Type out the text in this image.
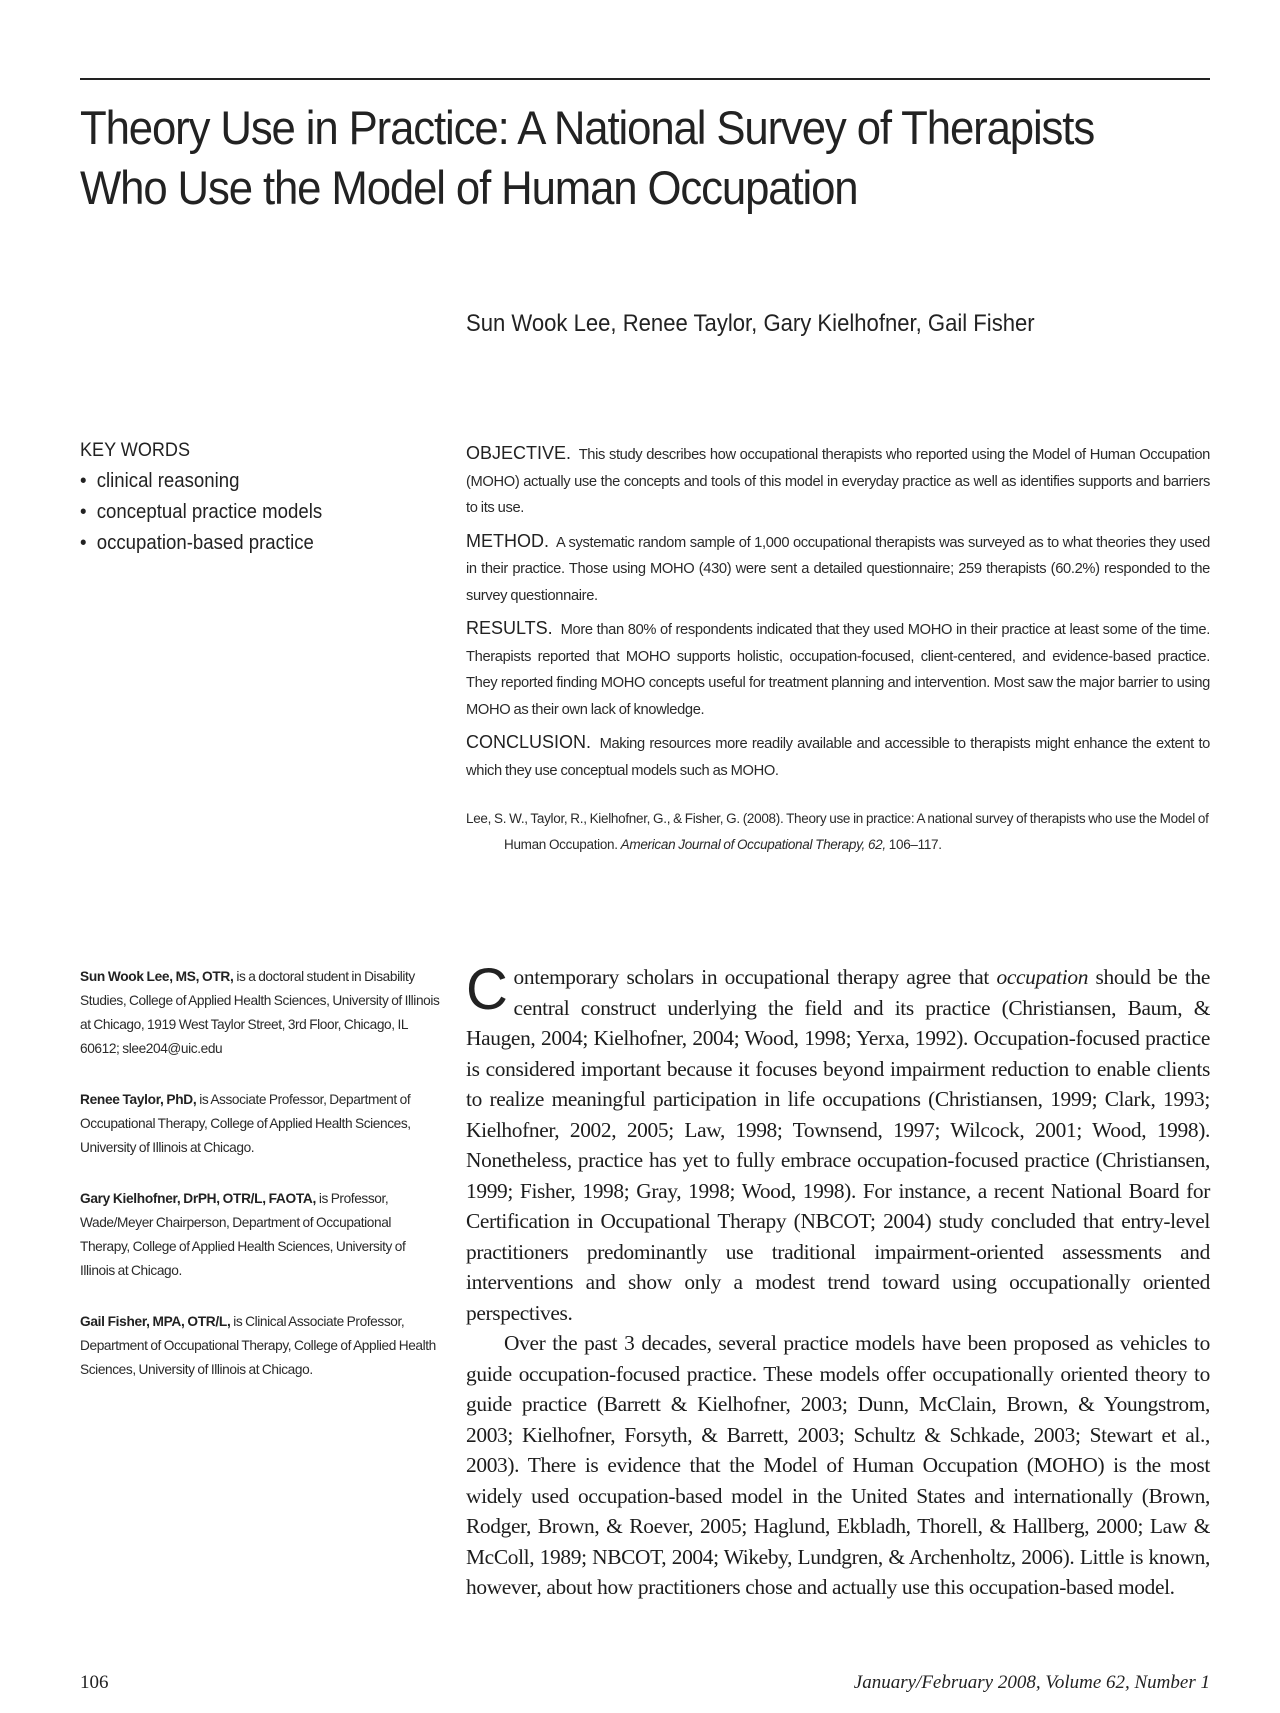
Theory Use in Practice: A National Survey of Therapists
Who Use the Model of Human Occupation
Sun Wook Lee, Renee Taylor, Gary Kielhofner, Gail Fisher
KEY WORDS
• clinical reasoning
• conceptual practice models
• occupation-based practice

OBJECTIVE. This study describes how occupational therapists who reported using the Model of Human Occupation (MOHO) actually use the concepts and tools of this model in everyday practice as well as identifies supports and barriers to its use.

METHOD. A systematic random sample of 1,000 occupational therapists was surveyed as to what theories they used in their practice. Those using MOHO (430) were sent a detailed questionnaire; 259 therapists (60.2%) responded to the survey questionnaire.

RESULTS. More than 80% of respondents indicated that they used MOHO in their practice at least some of the time. Therapists reported that MOHO supports holistic, occupation-focused, client-centered, and evidence-based practice. They reported finding MOHO concepts useful for treatment planning and intervention. Most saw the major barrier to using MOHO as their own lack of knowledge.

CONCLUSION. Making resources more readily available and accessible to therapists might enhance the extent to which they use conceptual models such as MOHO.

Lee, S. W., Taylor, R., Kielhofner, G., & Fisher, G. (2008). Theory use in practice: A national survey of therapists who use the Model of Human Occupation. American Journal of Occupational Therapy, 62, 106–117.

Sun Wook Lee, MS, OTR, is a doctoral student in Disability Studies, College of Applied Health Sciences, University of Illinois at Chicago, 1919 West Taylor Street, 3rd Floor, Chicago, IL 60612; slee204@uic.edu

Renee Taylor, PhD, is Associate Professor, Department of Occupational Therapy, College of Applied Health Sciences, University of Illinois at Chicago.

Gary Kielhofner, DrPH, OTR/L, FAOTA, is Professor, Wade/Meyer Chairperson, Department of Occupational Therapy, College of Applied Health Sciences, University of Illinois at Chicago.

Gail Fisher, MPA, OTR/L, is Clinical Associate Professor, Department of Occupational Therapy, College of Applied Health Sciences, University of Illinois at Chicago.

Contemporary scholars in occupational therapy agree that occupation should be the central construct underlying the field and its practice (Christiansen, Baum, & Haugen, 2004; Kielhofner, 2004; Wood, 1998; Yerxa, 1992). Occupation-focused practice is considered important because it focuses beyond impairment reduction to enable clients to realize meaningful participation in life occupations (Christiansen, 1999; Clark, 1993; Kielhofner, 2002, 2005; Law, 1998; Townsend, 1997; Wilcock, 2001; Wood, 1998). Nonetheless, practice has yet to fully embrace occupation-focused practice (Christiansen, 1999; Fisher, 1998; Gray, 1998; Wood, 1998). For instance, a recent National Board for Certification in Occupational Therapy (NBCOT; 2004) study concluded that entry-level practitioners predominantly use traditional impairment-oriented assessments and interventions and show only a modest trend toward using occupationally oriented perspectives.

Over the past 3 decades, several practice models have been proposed as vehicles to guide occupation-focused practice. These models offer occupationally oriented theory to guide practice (Barrett & Kielhofner, 2003; Dunn, McClain, Brown, & Youngstrom, 2003; Kielhofner, Forsyth, & Barrett, 2003; Schultz & Schkade, 2003; Stewart et al., 2003). There is evidence that the Model of Human Occupation (MOHO) is the most widely used occupation-based model in the United States and internationally (Brown, Rodger, Brown, & Roever, 2005; Haglund, Ekbladh, Thorell, & Hallberg, 2000; Law & McColl, 1989; NBCOT, 2004; Wikeby, Lundgren, & Archenholtz, 2006). Little is known, however, about how practitioners chose and actually use this occupation-based model.

106	January/February 2008, Volume 62, Number 1
